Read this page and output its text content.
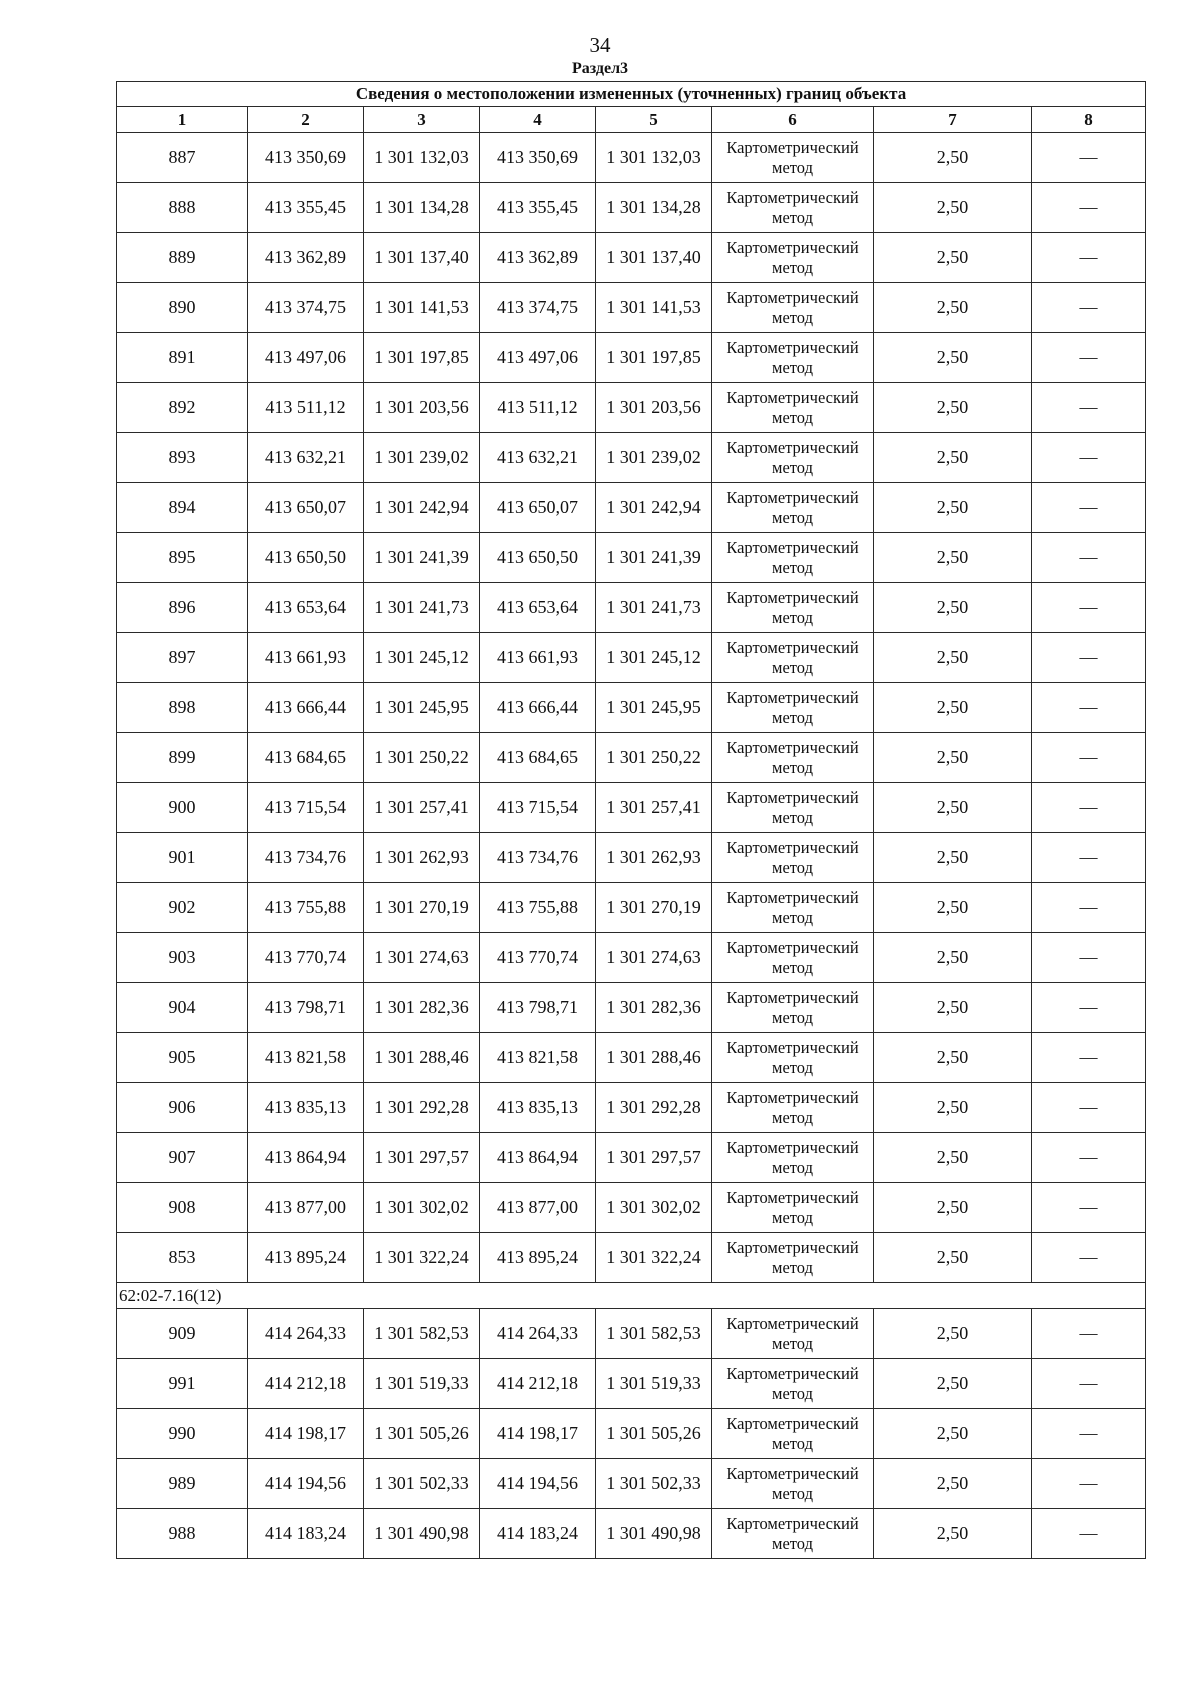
34
Раздел3
Сведения о местоположении измененных (уточненных) границ объекта							
1	2	3	4	5	6	7	8
887	413 350,69	1 301 132,03	413 350,69	1 301 132,03	Картометрический метод	2,50	—
888	413 355,45	1 301 134,28	413 355,45	1 301 134,28	Картометрический метод	2,50	—
889	413 362,89	1 301 137,40	413 362,89	1 301 137,40	Картометрический метод	2,50	—
890	413 374,75	1 301 141,53	413 374,75	1 301 141,53	Картометрический метод	2,50	—
891	413 497,06	1 301 197,85	413 497,06	1 301 197,85	Картометрический метод	2,50	—
892	413 511,12	1 301 203,56	413 511,12	1 301 203,56	Картометрический метод	2,50	—
893	413 632,21	1 301 239,02	413 632,21	1 301 239,02	Картометрический метод	2,50	—
894	413 650,07	1 301 242,94	413 650,07	1 301 242,94	Картометрический метод	2,50	—
895	413 650,50	1 301 241,39	413 650,50	1 301 241,39	Картометрический метод	2,50	—
896	413 653,64	1 301 241,73	413 653,64	1 301 241,73	Картометрический метод	2,50	—
897	413 661,93	1 301 245,12	413 661,93	1 301 245,12	Картометрический метод	2,50	—
898	413 666,44	1 301 245,95	413 666,44	1 301 245,95	Картометрический метод	2,50	—
899	413 684,65	1 301 250,22	413 684,65	1 301 250,22	Картометрический метод	2,50	—
900	413 715,54	1 301 257,41	413 715,54	1 301 257,41	Картометрический метод	2,50	—
901	413 734,76	1 301 262,93	413 734,76	1 301 262,93	Картометрический метод	2,50	—
902	413 755,88	1 301 270,19	413 755,88	1 301 270,19	Картометрический метод	2,50	—
903	413 770,74	1 301 274,63	413 770,74	1 301 274,63	Картометрический метод	2,50	—
904	413 798,71	1 301 282,36	413 798,71	1 301 282,36	Картометрический метод	2,50	—
905	413 821,58	1 301 288,46	413 821,58	1 301 288,46	Картометрический метод	2,50	—
906	413 835,13	1 301 292,28	413 835,13	1 301 292,28	Картометрический метод	2,50	—
907	413 864,94	1 301 297,57	413 864,94	1 301 297,57	Картометрический метод	2,50	—
908	413 877,00	1 301 302,02	413 877,00	1 301 302,02	Картометрический метод	2,50	—
853	413 895,24	1 301 322,24	413 895,24	1 301 322,24	Картометрический метод	2,50	—
62:02-7.16(12)							
909	414 264,33	1 301 582,53	414 264,33	1 301 582,53	Картометрический метод	2,50	—
991	414 212,18	1 301 519,33	414 212,18	1 301 519,33	Картометрический метод	2,50	—
990	414 198,17	1 301 505,26	414 198,17	1 301 505,26	Картометрический метод	2,50	—
989	414 194,56	1 301 502,33	414 194,56	1 301 502,33	Картометрический метод	2,50	—
988	414 183,24	1 301 490,98	414 183,24	1 301 490,98	Картометрический метод	2,50	—
